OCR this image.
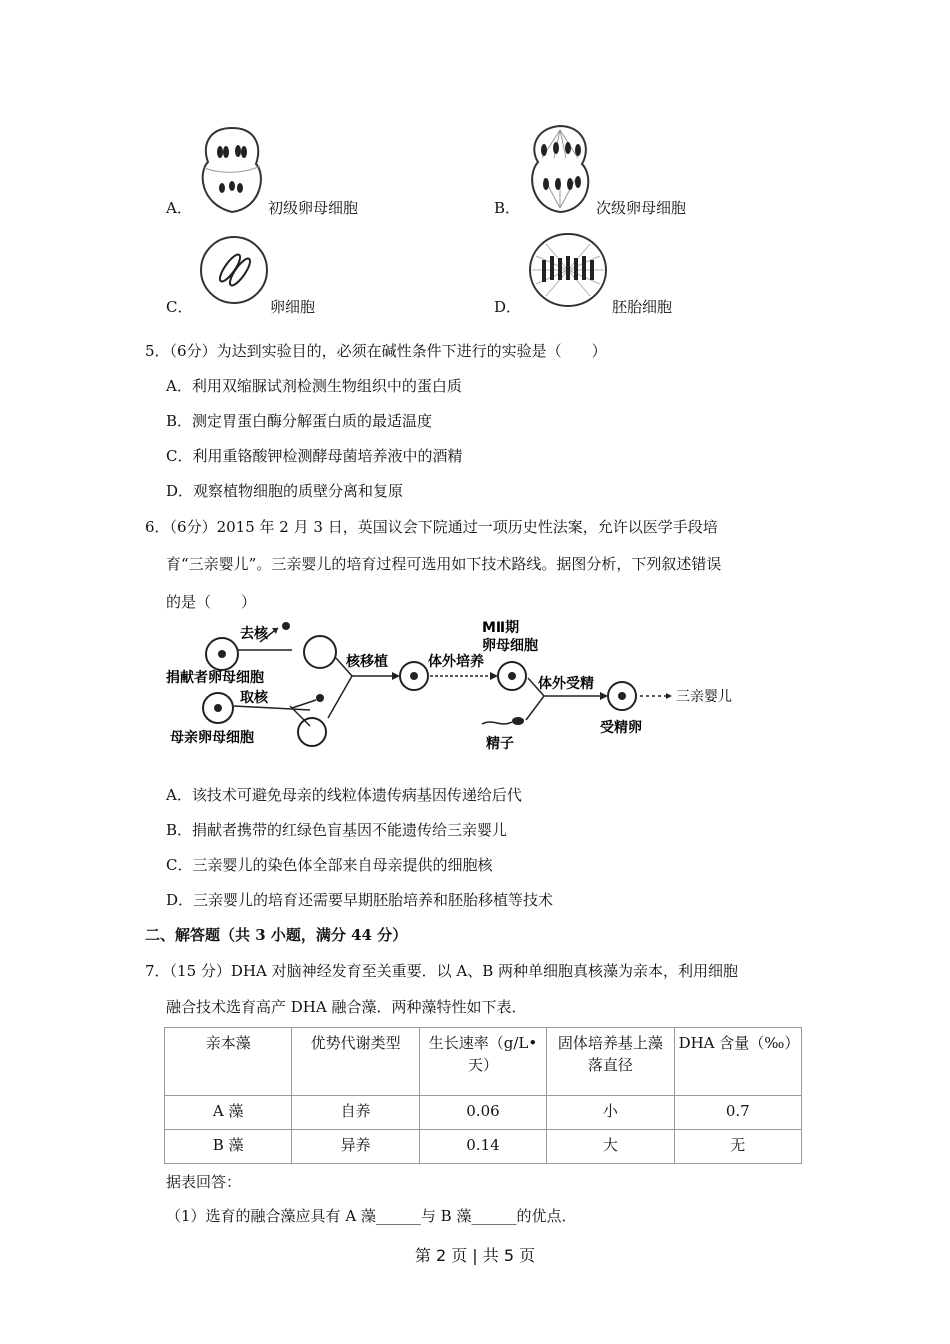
A．	初级卵母细胞	B．	次级卵母细胞
C．	卵细胞	D．	胚胎细胞
5．（6分）为达到实验目的，必须在碱性条件下进行的实验是（　　）
A．利用双缩脲试剂检测生物组织中的蛋白质
B．测定胃蛋白酶分解蛋白质的最适温度
C．利用重铬酸钾检测酵母菌培养液中的酒精
D．观察植物细胞的质壁分离和复原
6．（6分）2015 年 2 月 3 日，英国议会下院通过一项历史性法案，允许以医学手段培
育“三亲婴儿”。三亲婴儿的培育过程可选用如下技术路线。据图分析，下列叙述错误
的是（　　）
去核
捐献者卵母细胞
取核
母亲卵母细胞
核移植	体外培养
MⅡ期
卵母细胞
精子
体外受精
受精卵
三亲婴儿
A．该技术可避免母亲的线粒体遗传病基因传递给后代
B．捐献者携带的红绿色盲基因不能遗传给三亲婴儿
C．三亲婴儿的染色体全部来自母亲提供的细胞核
D．三亲婴儿的培育还需要早期胚胎培养和胚胎移植等技术
二、解答题（共 3 小题，满分 44 分）
7．（15 分）DHA 对脑神经发育至关重要．以 A、B 两种单细胞真核藻为亲本，利用细胞
融合技术选育高产 DHA 融合藻．两种藻特性如下表．
亲本藻	优势代谢类型	生长速率（g/L•天）	固体培养基上藻落直径	DHA 含量（‰）
A 藻	自养	0.06	小	0.7
B 藻	异养	0.14	大	无
据表回答：
（1）选育的融合藻应具有 A 藻______与 B 藻______的优点．
第 2 页 | 共 5 页
